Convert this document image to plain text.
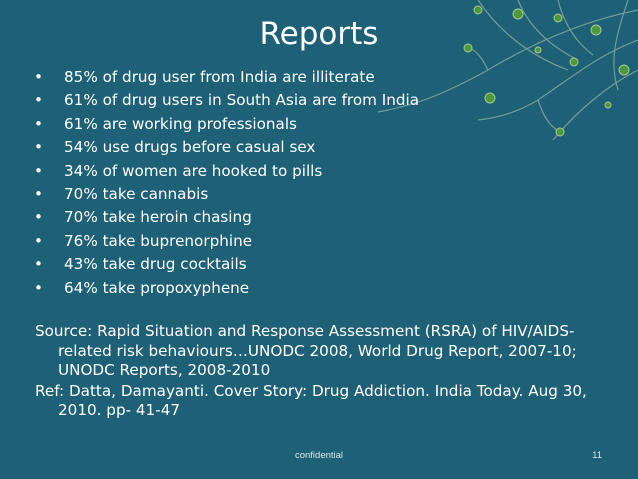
Reports
• 85% of drug user from India are illiterate
• 61% of drug users in South Asia are from India
• 61% are working professionals
• 54% use drugs before casual sex
• 34% of women are hooked to pills
• 70% take cannabis
• 70% take heroin chasing
• 76% take buprenorphine
• 43% take drug cocktails
• 64% take propoxyphene

Source: Rapid Situation and Response Assessment (RSRA) of HIV/AIDS-related risk behaviours…UNODC 2008, World Drug Report, 2007-10; UNODC Reports, 2008-2010

Ref: Datta, Damayanti. Cover Story: Drug Addiction. India Today. Aug 30, 2010. pp- 41-47

confidential	11
